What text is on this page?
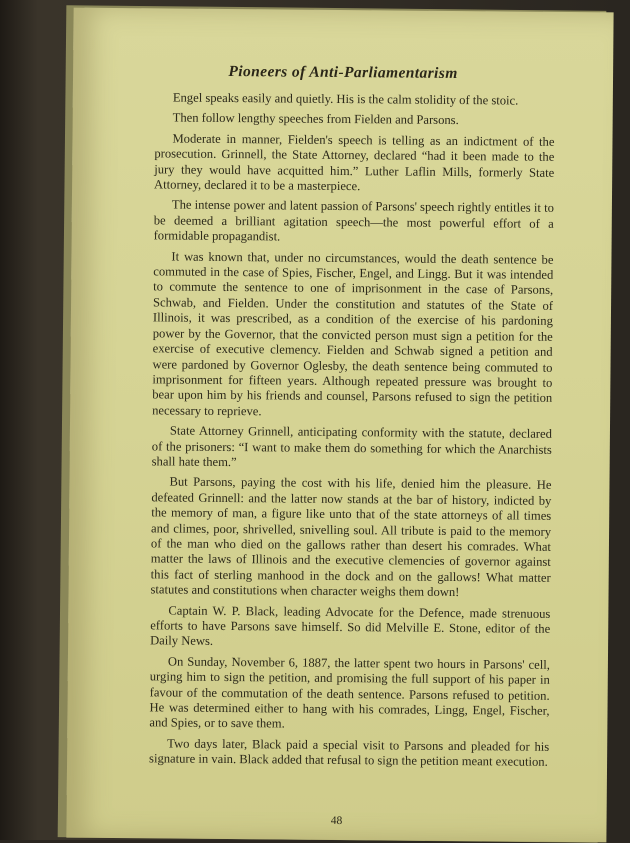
Pioneers of Anti-Parliamentarism

Engel speaks easily and quietly. His is the calm stolidity of the stoic.

Then follow lengthy speeches from Fielden and Parsons.

Moderate in manner, Fielden's speech is telling as an indictment of the prosecution. Grinnell, the State Attorney, declared “had it been made to the jury they would have acquitted him.” Luther Laflin Mills, formerly State Attorney, declared it to be a masterpiece.

The intense power and latent passion of Parsons' speech rightly entitles it to be deemed a brilliant agitation speech—the most powerful effort of a formidable propagandist.

It was known that, under no circumstances, would the death sentence be commuted in the case of Spies, Fischer, Engel, and Lingg. But it was intended to commute the sentence to one of imprisonment in the case of Parsons, Schwab, and Fielden. Under the constitution and statutes of the State of Illinois, it was prescribed, as a condition of the exercise of his pardoning power by the Governor, that the convicted person must sign a petition for the exercise of executive clemency. Fielden and Schwab signed a petition and were pardoned by Governor Oglesby, the death sentence being commuted to imprisonment for fifteen years. Although repeated pressure was brought to bear upon him by his friends and counsel, Parsons refused to sign the petition necessary to reprieve.

State Attorney Grinnell, anticipating conformity with the statute, declared of the prisoners: “I want to make them do something for which the Anarchists shall hate them.”

But Parsons, paying the cost with his life, denied him the pleasure. He defeated Grinnell: and the latter now stands at the bar of history, indicted by the memory of man, a figure like unto that of the state attorneys of all times and climes, poor, shrivelled, snivelling soul. All tribute is paid to the memory of the man who died on the gallows rather than desert his comrades. What matter the laws of Illinois and the executive clemencies of governor against this fact of sterling manhood in the dock and on the gallows! What matter statutes and constitutions when character weighs them down!

Captain W. P. Black, leading Advocate for the Defence, made strenuous efforts to have Parsons save himself. So did Melville E. Stone, editor of the Daily News.

On Sunday, November 6, 1887, the latter spent two hours in Parsons' cell, urging him to sign the petition, and promising the full support of his paper in favour of the commutation of the death sentence. Parsons refused to petition. He was determined either to hang with his comrades, Lingg, Engel, Fischer, and Spies, or to save them.

Two days later, Black paid a special visit to Parsons and pleaded for his signature in vain. Black added that refusal to sign the petition meant execution.

48
